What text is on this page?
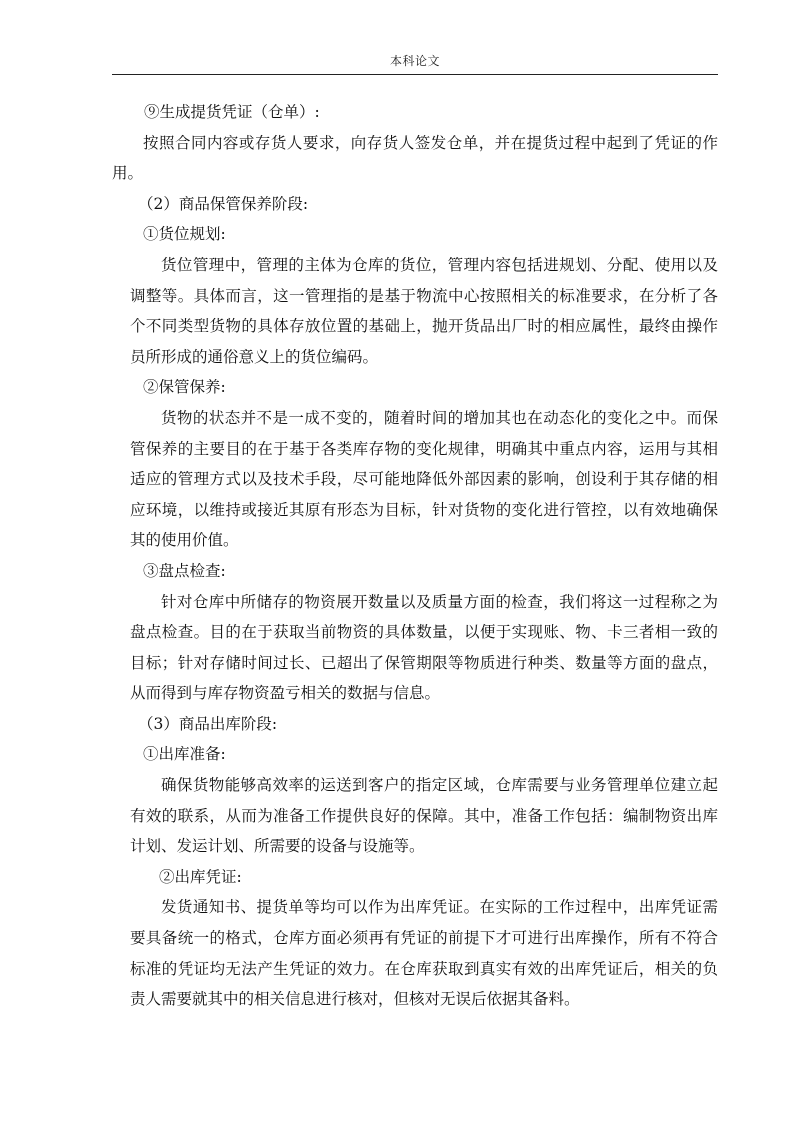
本科论文

⑨生成提货凭证（仓单）:

按照合同内容或存货人要求，向存货人签发仓单，并在提货过程中起到了凭证的作用。

（2）商品保管保养阶段:

①货位规划:

货位管理中，管理的主体为仓库的货位，管理内容包括进规划、分配、使用以及调整等。具体而言，这一管理指的是基于物流中心按照相关的标准要求，在分析了各个不同类型货物的具体存放位置的基础上，抛开货品出厂时的相应属性，最终由操作员所形成的通俗意义上的货位编码。

②保管保养:

货物的状态并不是一成不变的，随着时间的增加其也在动态化的变化之中。而保管保养的主要目的在于基于各类库存物的变化规律，明确其中重点内容，运用与其相适应的管理方式以及技术手段，尽可能地降低外部因素的影响，创设利于其存储的相应环境，以维持或接近其原有形态为目标，针对货物的变化进行管控，以有效地确保其的使用价值。

③盘点检查:

针对仓库中所储存的物资展开数量以及质量方面的检查，我们将这一过程称之为盘点检查。目的在于获取当前物资的具体数量，以便于实现账、物、卡三者相一致的目标；针对存储时间过长、已超出了保管期限等物质进行种类、数量等方面的盘点，从而得到与库存物资盈亏相关的数据与信息。

（3）商品出库阶段:

①出库准备:

确保货物能够高效率的运送到客户的指定区域，仓库需要与业务管理单位建立起有效的联系，从而为准备工作提供良好的保障。其中，准备工作包括：编制物资出库计划、发运计划、所需要的设备与设施等。

②出库凭证:

发货通知书、提货单等均可以作为出库凭证。在实际的工作过程中，出库凭证需要具备统一的格式，仓库方面必须再有凭证的前提下才可进行出库操作，所有不符合标准的凭证均无法产生凭证的效力。在仓库获取到真实有效的出库凭证后，相关的负责人需要就其中的相关信息进行核对，但核对无误后依据其备料。
